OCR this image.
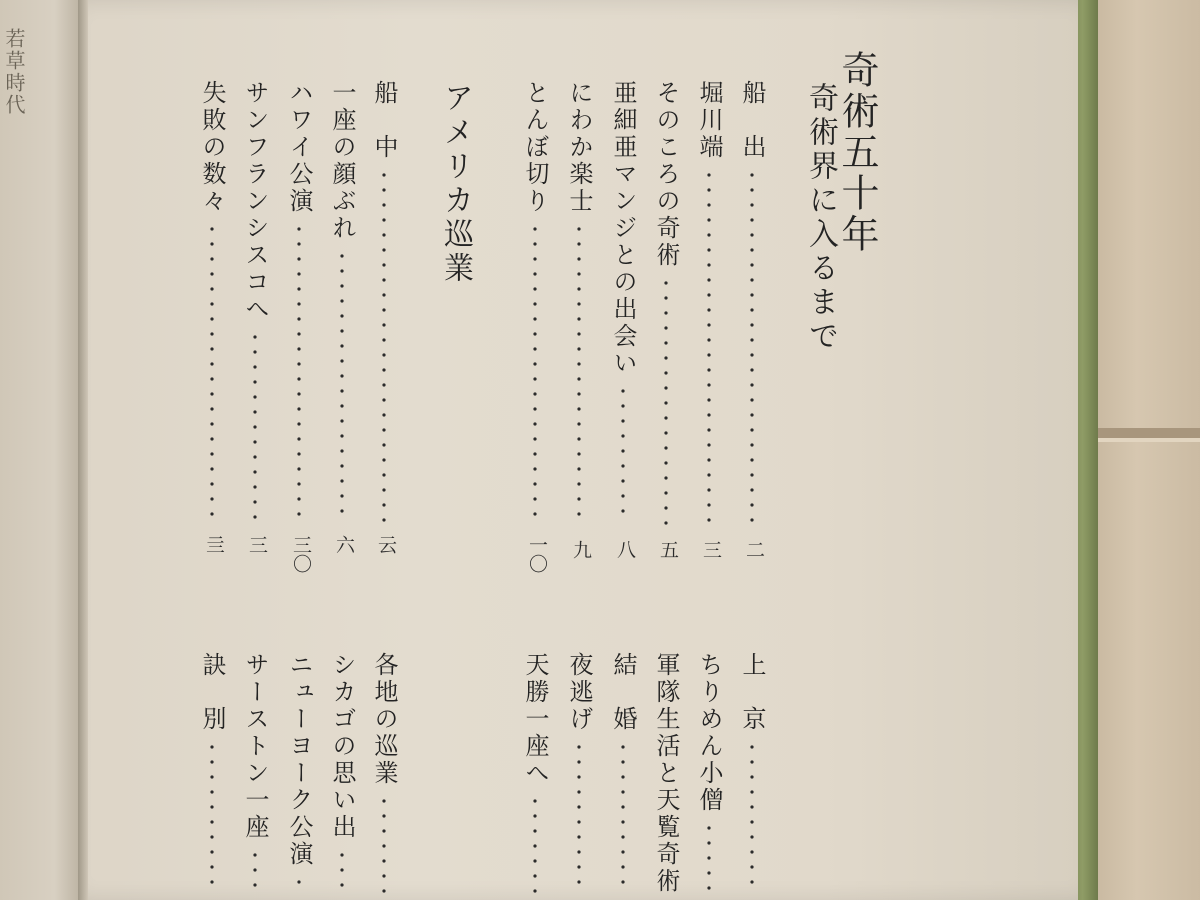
若草時代	奇術五十年
奇術界に入るまで
船　出
二
堀川端
三
そのころの奇術
五
亜細亜マンジとの出会い
八
にわか楽士
九
とんぼ切り
一〇
上　京
ちりめん小僧
軍隊生活と天覧奇術
結　婚
夜逃げ
天勝一座へ
アメリカ巡業
船　中
云
一座の顔ぶれ
六
ハワイ公演
三〇
サンフランシスコへ
三
失敗の数々
亖
各地の巡業
シカゴの思い出
ニューヨーク公演
サーストン一座
訣　別
